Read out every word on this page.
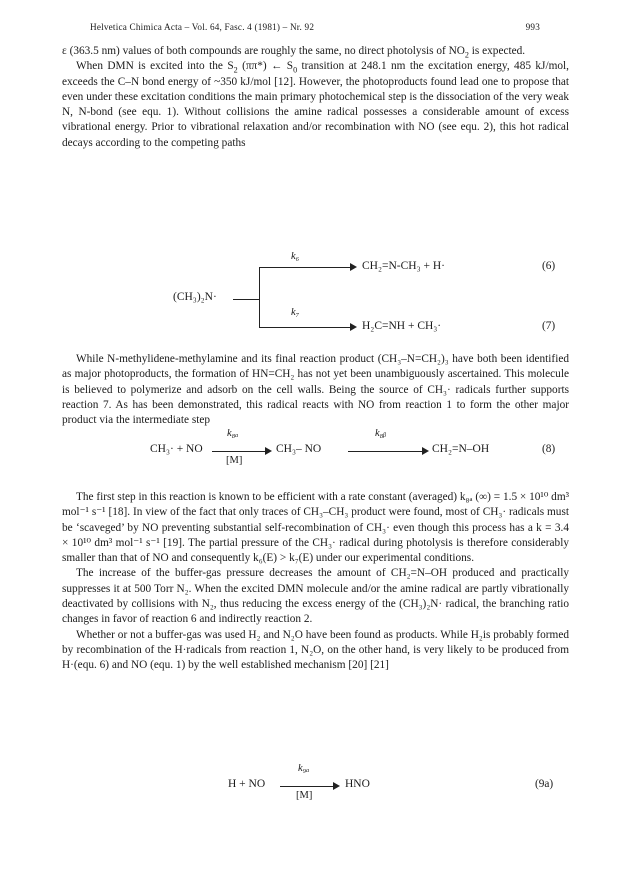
Helvetica Chimica Acta – Vol. 64, Fasc. 4 (1981) – Nr. 92	993

ε (363.5 nm) values of both compounds are roughly the same, no direct photolysis of $NO_2$ is expected.

When DMN is excited into the $S_2$ (ππ*) ← $S_0$ transition at 248.1 nm the excitation energy, 485 kJ/mol, exceeds the C–N bond energy of ~350 kJ/mol [12]. However, the photoproducts found lead one to propose that even under these excitation conditions the main primary photochemical step is the dissociation of the very weak N, N-bond (see equ. 1). Without collisions the amine radical possesses a considerable amount of excess vibrational energy. Prior to vibrational relaxation and/or recombination with NO (see equ. 2), this hot radical decays according to the competing paths

(CH₃)₂N·
k₆
k₇
CH₂=N-CH₃ + H·
H₂C=NH + CH₃·
(6)
(7)

While N-methylidene-methylamine and its final reaction product (CH₃–N=CH₂)₃ have both been identified as major photoproducts, the formation of HN=CH₂ has not yet been unambiguously ascertained. This molecule is believed to polymerize and adsorb on the cell walls. Being the source of CH₃· radicals further supports reaction 7. As has been demonstrated, this radical reacts with NO from reaction 1 to form the other major product via the intermediate step

CH₃· + NO
k₈ₐ
[M]
CH₃– NO
k₈ᵦ
CH₂=N–OH	(8)

The first step in this reaction is known to be efficient with a rate constant (averaged) k₈ₐ (∞) = 1.5 × 10¹⁰ dm³ mol⁻¹ s⁻¹ [18]. In view of the fact that only traces of CH₃–CH₃ product were found, most of CH₃· radicals must be ‘scaveged’ by NO preventing substantial self-recombination of CH₃· even though this process has a k = 3.4 × 10¹⁰ dm³ mol⁻¹ s⁻¹ [19]. The partial pressure of the CH₃· radical during photolysis is therefore considerably smaller than that of NO and consequently k₆(E) > k₇(E) under our experimental conditions.

The increase of the buffer-gas pressure decreases the amount of CH₂=N–OH produced and practically suppresses it at 500 Torr N₂. When the excited DMN molecule and/or the amine radical are partly vibrationally deactivated by collisions with N₂, thus reducing the excess energy of the (CH₃)₂N· radical, the branching ratio changes in favor of reaction 6 and indirectly reaction 2.

Whether or not a buffer-gas was used H₂ and N₂O have been found as products. While H₂is probably formed by recombination of the H·radicals from reaction 1, N₂O, on the other hand, is very likely to be produced from H·(equ. 6) and NO (equ. 1) by the well established mechanism [20] [21]

H + NO
k₉ₐ
[M]
HNO	(9a)
